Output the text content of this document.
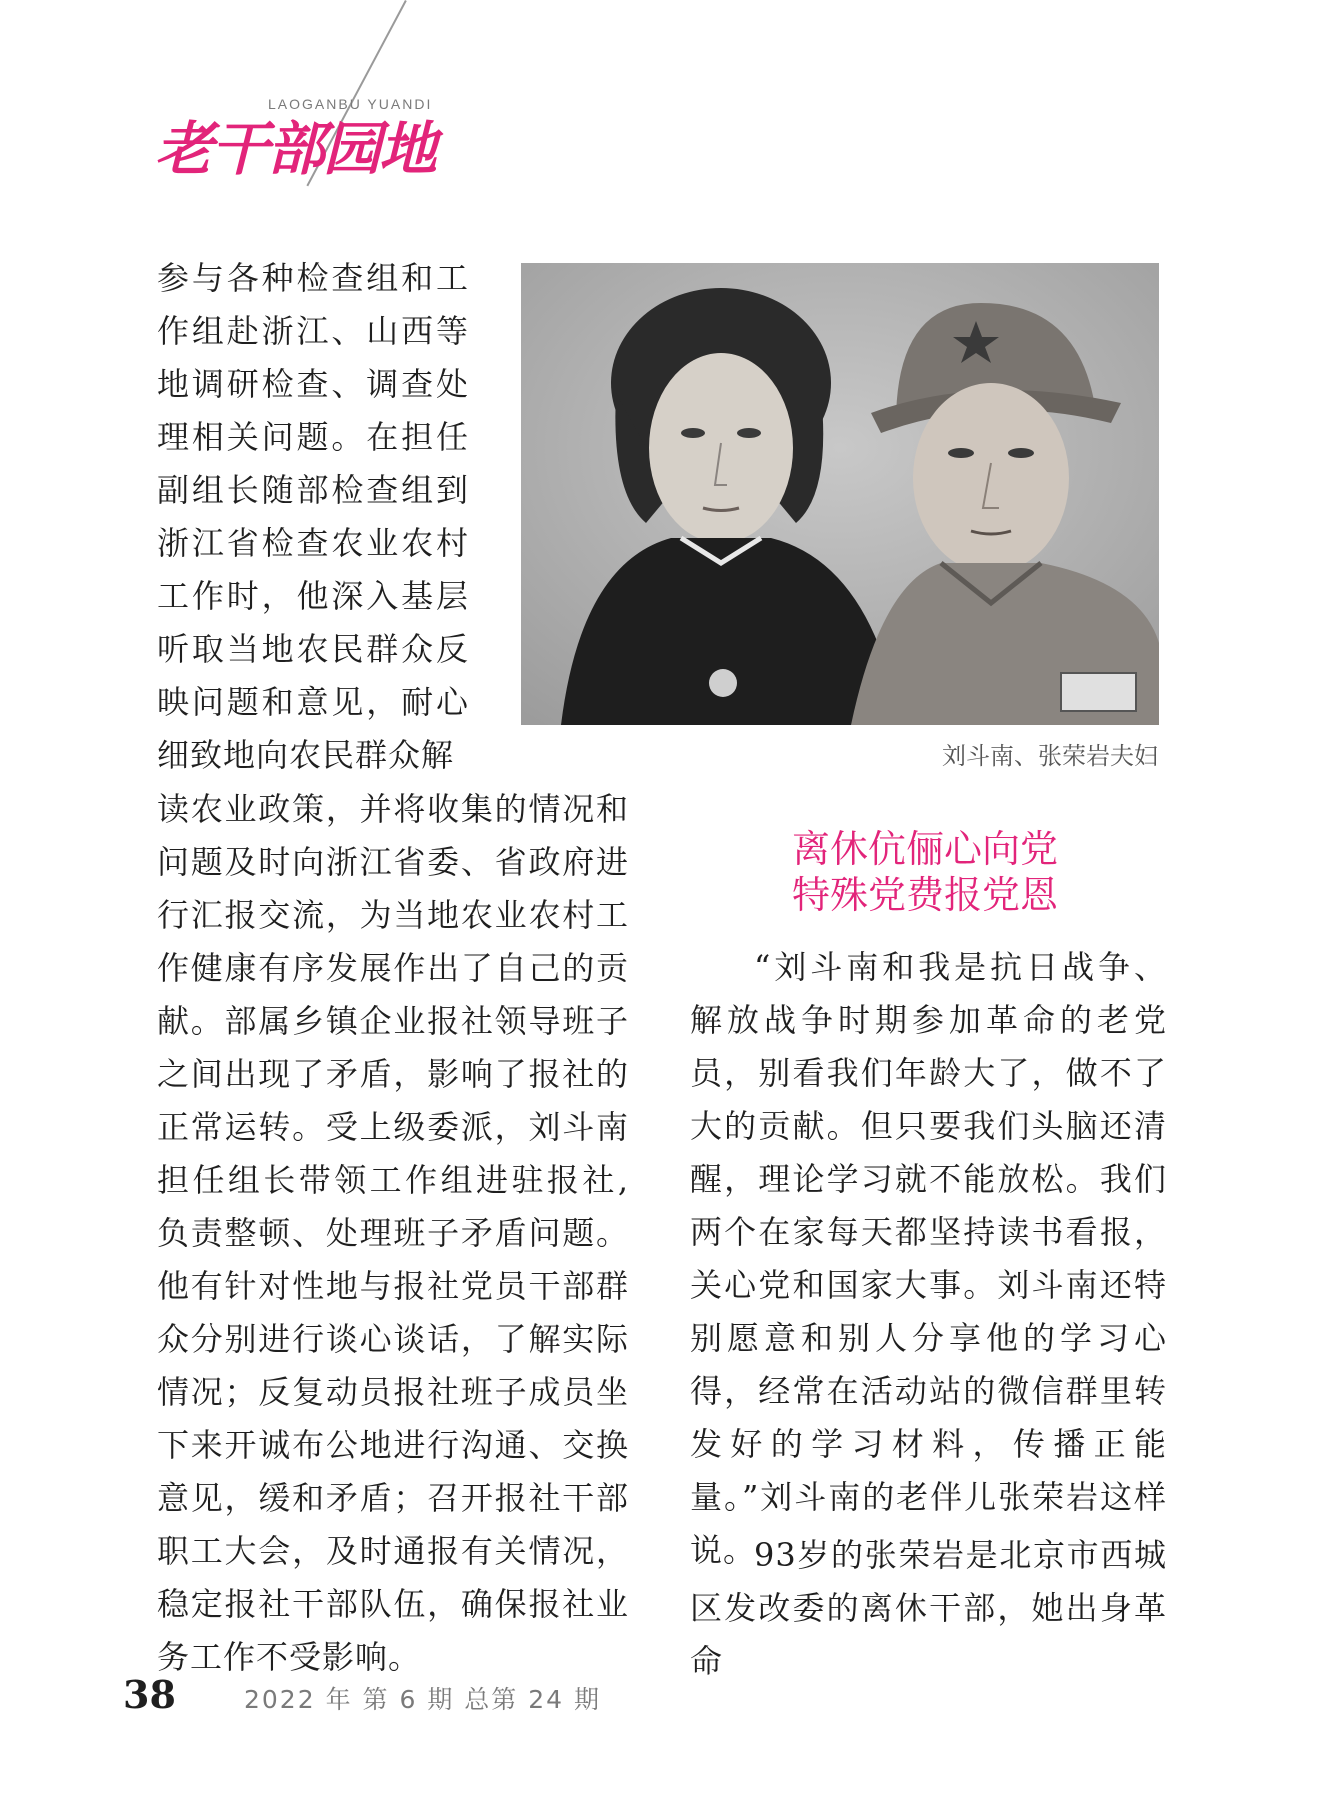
LAOGANBU YUANDI
老干部园地

参与各种检查组和工作组赴浙江、山西等地调研检查、调查处理相关问题。在担任副组长随部检查组到浙江省检查农业农村工作时，他深入基层听取当地农民群众反映问题和意见，耐心细致地向农民群众解	刘斗南、张荣岩夫妇

读农业政策，并将收集的情况和问题及时向浙江省委、省政府进行汇报交流，为当地农业农村工作健康有序发展作出了自己的贡献。部属乡镇企业报社领导班子之间出现了矛盾，影响了报社的正常运转。受上级委派，刘斗南担任组长带领工作组进驻报社,负责整顿、处理班子矛盾问题。他有针对性地与报社党员干部群众分别进行谈心谈话，了解实际情况；反复动员报社班子成员坐下来开诚布公地进行沟通、交换意见，缓和矛盾；召开报社干部职工大会，及时通报有关情况，稳定报社干部队伍，确保报社业务工作不受影响。

离休伉俪心向党
特殊党费报党恩

“刘斗南和我是抗日战争、解放战争时期参加革命的老党员，别看我们年龄大了，做不了大的贡献。但只要我们头脑还清醒，理论学习就不能放松。我们两个在家每天都坚持读书看报，关心党和国家大事。刘斗南还特别愿意和别人分享他的学习心得，经常在活动站的微信群里转发好的学习材料，传播正能量。”刘斗南的老伴儿张荣岩这样说。

93岁的张荣岩是北京市西城区发改委的离休干部，她出身革命

38	2022 年 第 6 期 总第 24 期
